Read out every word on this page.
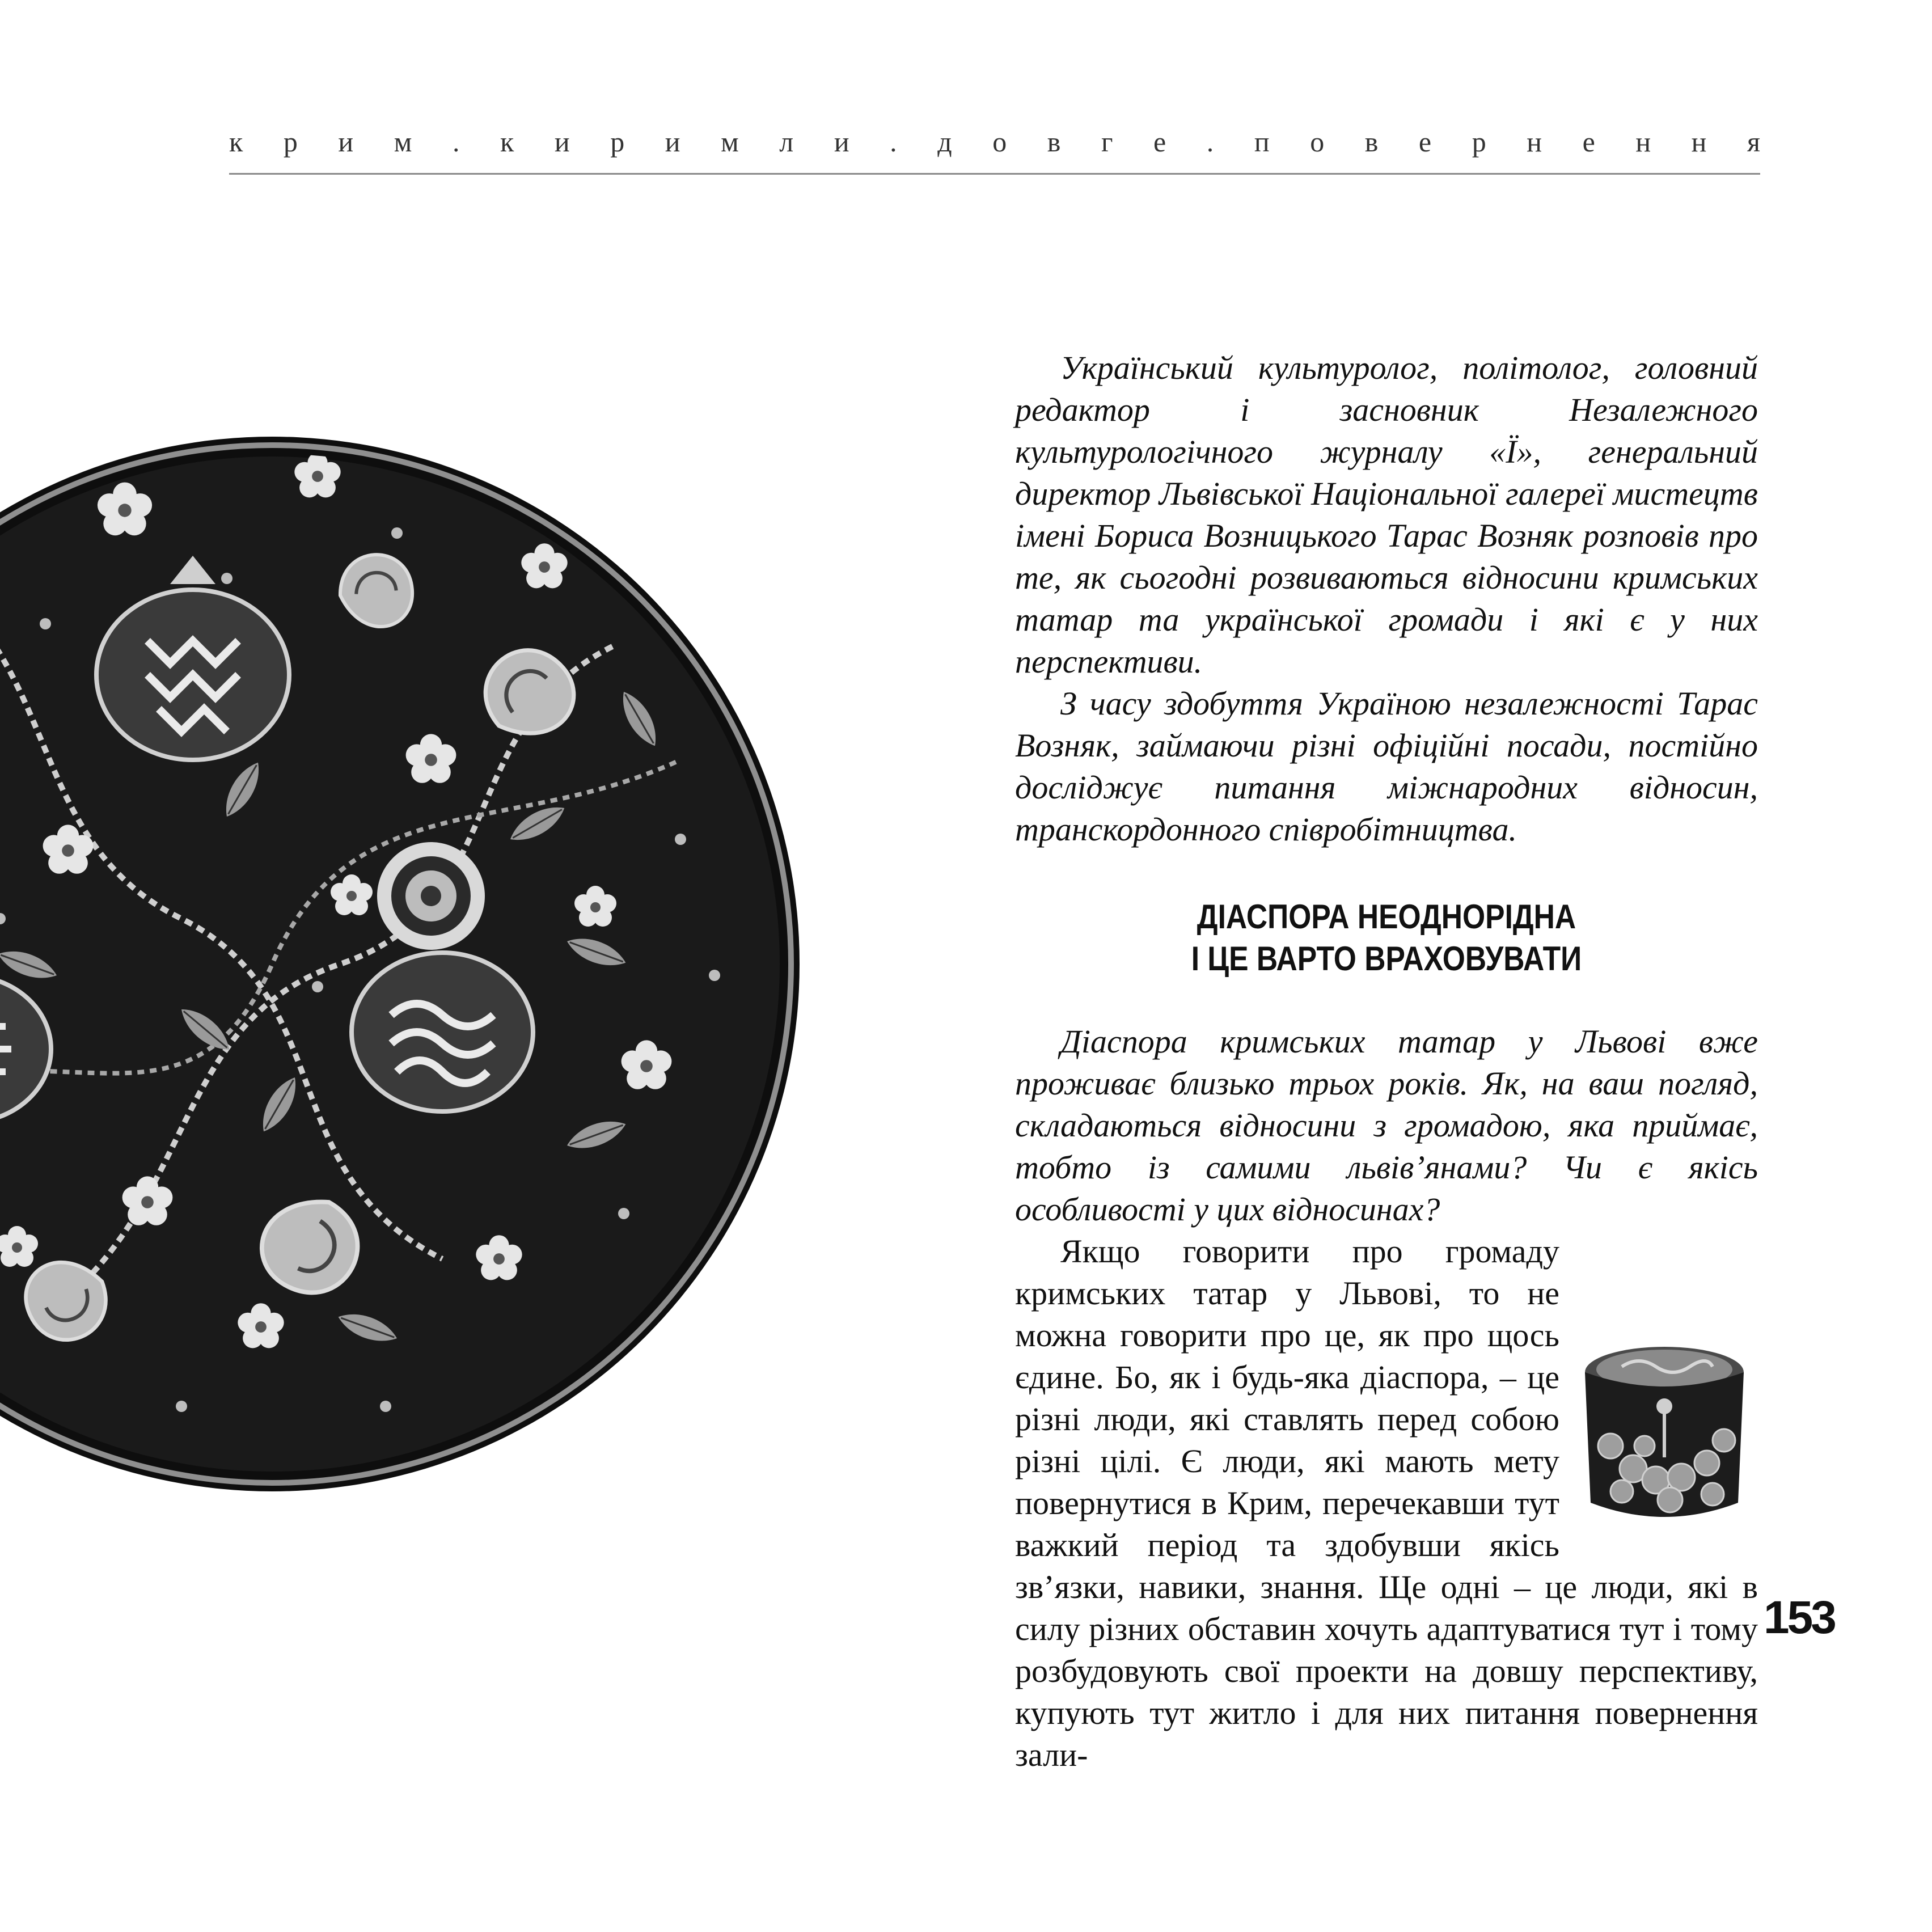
к р и м . к и р и м л и . д о в г е . п о в е р н е н н я

Український культуролог, політолог, головний редактор і засновник Незалежного культурологічного журналу «Ї», генеральний директор Львівської Національної галереї мистецтв імені Бориса Возницького Тарас Возняк розповів про те, як сьогодні розвиваються відносини кримських татар та української громади і які є у них перспективи.

З часу здобуття Україною незалежності Тарас Возняк, займаючи різні офіційні посади, постійно досліджує питання міжнародних відносин, транскордонного співробітництва.

ДІАСПОРА НЕОДНОРІДНА
І ЦЕ ВАРТО ВРАХОВУВАТИ

Діаспора кримських татар у Львові вже проживає близько трьох років. Як, на ваш погляд, складаються відносини з громадою, яка приймає, тобто із самими львів’янами? Чи є якісь особливості у цих відносинах?

Якщо говорити про громаду кримських татар у Львові, то не можна говорити про це, як про щось єдине. Бо, як і будь-яка діаспора, – це різні люди, які ставлять перед собою різні цілі. Є люди, які мають мету повернутися в Крим, перечекавши тут важкий період та здобувши якісь зв’язки, навики, знання. Ще одні – це люди, які в силу різних обставин хочуть адаптуватися тут і тому розбудовують свої проекти на довшу перспективу, купують тут житло і для них питання повернення зали-

153
